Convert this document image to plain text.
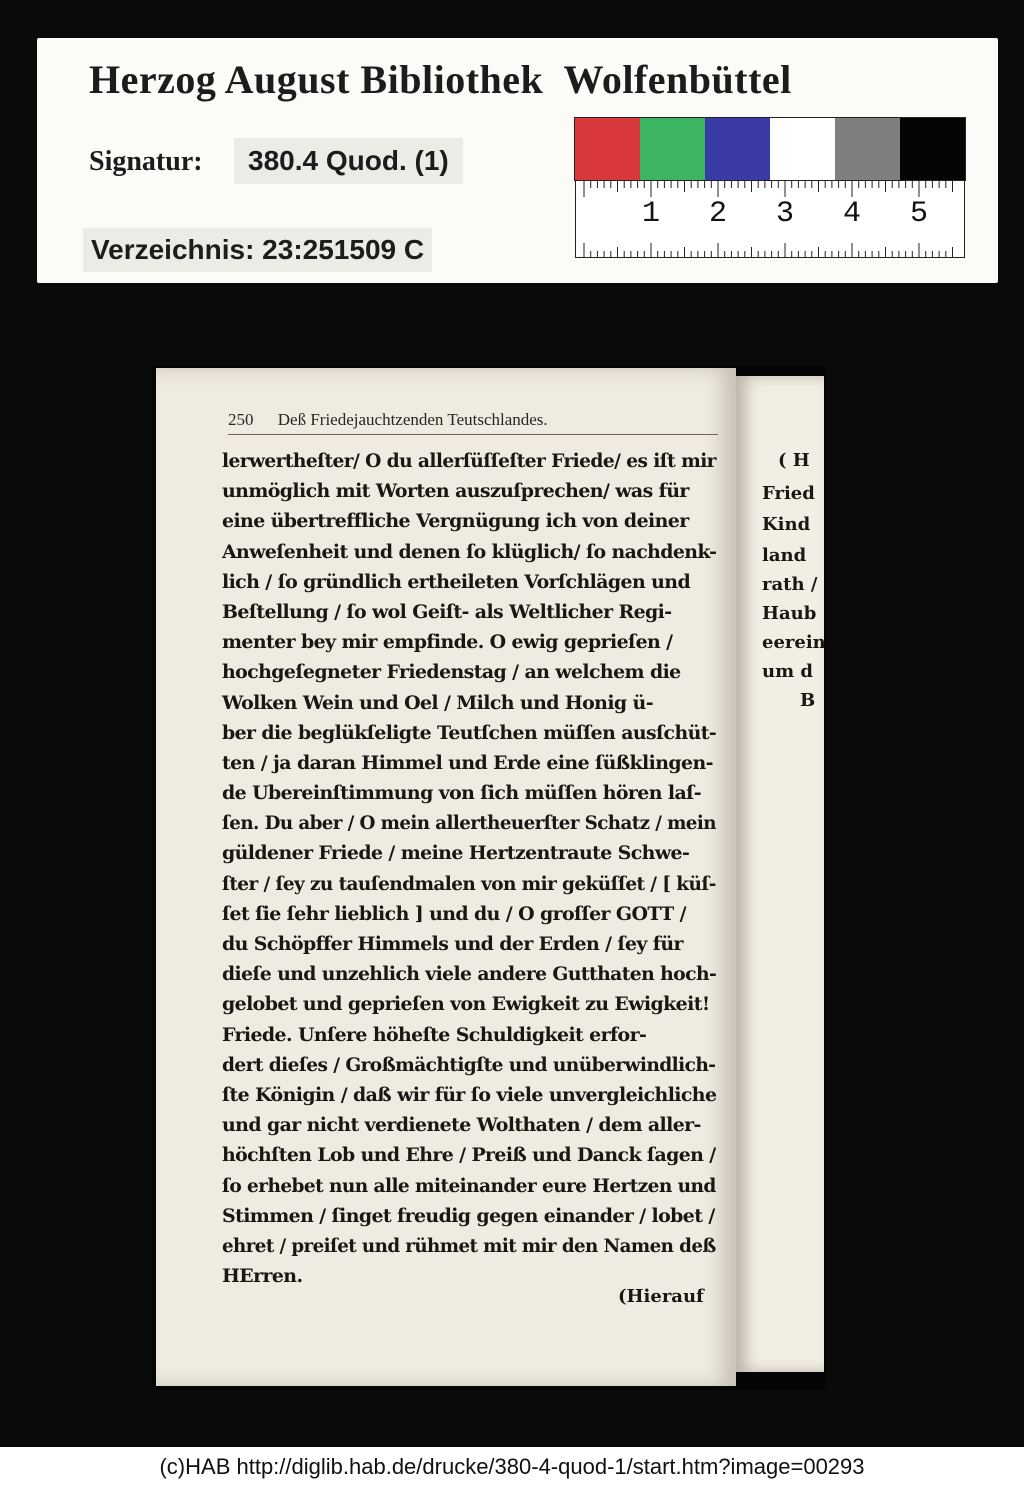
Herzog August Bibliothek  Wolfenbüttel
Signatur:	380.4 Quod. (1)
Verzeichnis: 23:251509 C
1 2 3 4 5
250 Deß Friedejauchtzenden Teutschlandes.
lerwertheſter/ O du allerſüſſeſter Friede/ es iſt mir
unmöglich mit Worten auszuſprechen/ was für
eine übertreffliche Vergnügung ich von deiner
Anweſenheit und denen ſo klüglich/ ſo nachdenk-
lich / ſo gründlich ertheileten Vorſchlägen und
Beſtellung / ſo wol Geiſt- als Weltlicher Regi-
menter bey mir empfinde. O ewig geprieſen /
hochgeſegneter Friedenstag / an welchem die
Wolken Wein und Oel / Milch und Honig ü-
ber die beglükſeligte Teutſchen müſſen ausſchüt-
ten / ja daran Himmel und Erde eine ſüßklingen-
de Ubereinſtimmung von ſich müſſen hören laſ-
ſen. Du aber / O mein allertheuerſter Schatz / mein
güldener Friede / meine Hertzentraute Schwe-
ſter / ſey zu tauſendmalen von mir geküſſet / [ küſ-
ſet ſie ſehr lieblich ] und du / O groſſer GOTT /
du Schöpffer Himmels und der Erden / ſey für
dieſe und unzehlich viele andere Gutthaten hoch-
gelobet und geprieſen von Ewigkeit zu Ewigkeit!
Friede. Unſere höheſte Schuldigkeit erfor-
dert dieſes / Großmächtigſte und unüberwindlich-
ſte Königin / daß wir für ſo viele unvergleichliche
und gar nicht verdienete Wolthaten / dem aller-
höchſten Lob und Ehre / Preiß und Danck ſagen /
ſo erhebet nun alle miteinander eure Hertzen und
Stimmen / ſinget freudig gegen einander / lobet /
ehret / preiſet und rühmet mit mir den Namen deß
HErren.
(Hierauf
( H
Fried
Kind
land
rath /
Haub
eerein
um d
B
(c)HAB http://diglib.hab.de/drucke/380-4-quod-1/start.htm?image=00293
